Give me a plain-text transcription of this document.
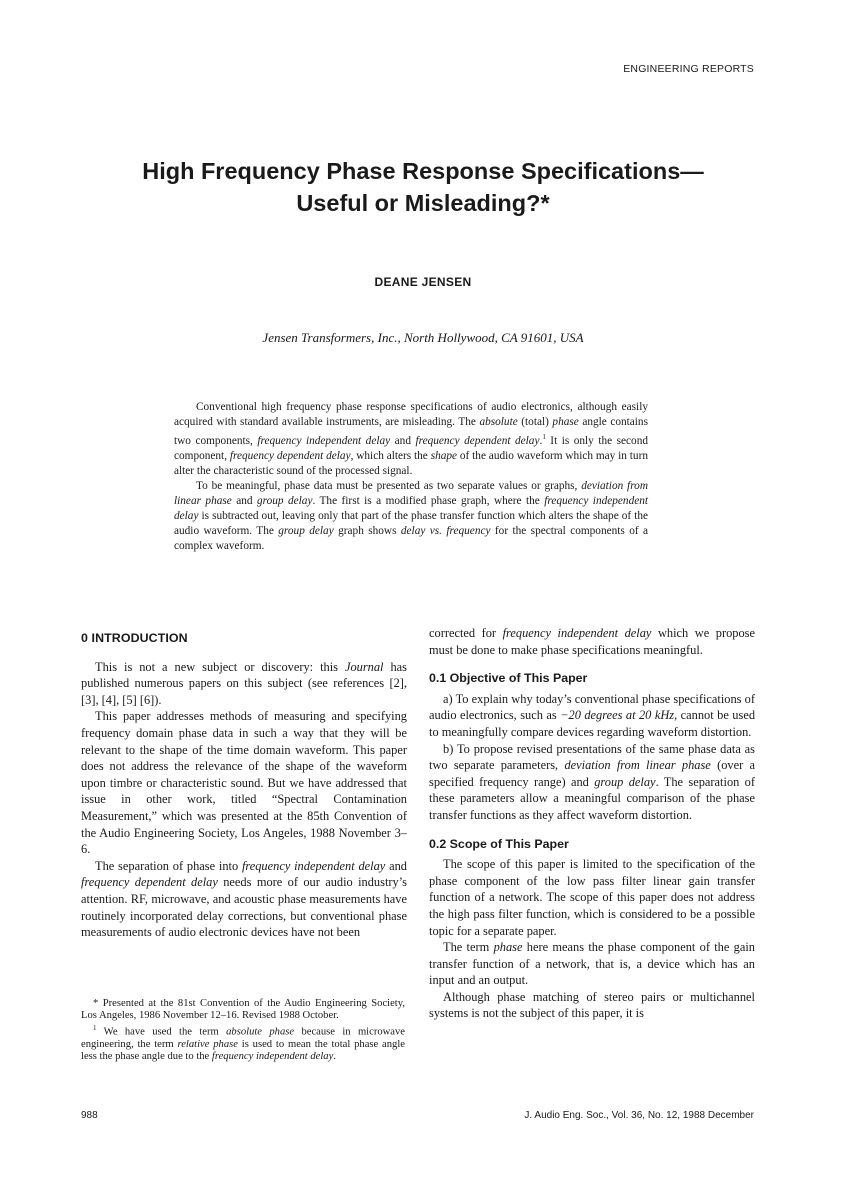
ENGINEERING REPORTS
High Frequency Phase Response Specifications—
Useful or Misleading?*
DEANE JENSEN
Jensen Transformers, Inc., North Hollywood, CA 91601, USA

Conventional high frequency phase response specifications of audio electronics, although easily acquired with standard available instruments, are misleading. The absolute (total) phase angle contains two components, frequency independent delay and frequency dependent delay.$^1$ It is only the second component, frequency dependent delay, which alters the shape of the audio waveform which may in turn alter the characteristic sound of the processed signal.

To be meaningful, phase data must be presented as two separate values or graphs, deviation from linear phase and group delay. The first is a modified phase graph, where the frequency independent delay is subtracted out, leaving only that part of the phase transfer function which alters the shape of the audio waveform. The group delay graph shows delay vs. frequency for the spectral components of a complex waveform.

0 INTRODUCTION

This is not a new subject or discovery: this Journal has published numerous papers on this subject (see references [2], [3], [4], [5] [6]).

This paper addresses methods of measuring and specifying frequency domain phase data in such a way that they will be relevant to the shape of the time domain waveform. This paper does not address the relevance of the shape of the waveform upon timbre or characteristic sound. But we have addressed that issue in other work, titled “Spectral Contamination Measurement,” which was presented at the 85th Convention of the Audio Engineering Society, Los Angeles, 1988 November 3–6.

The separation of phase into frequency independent delay and frequency dependent delay needs more of our audio industry’s attention. RF, microwave, and acoustic phase measurements have routinely incorporated delay corrections, but conventional phase measurements of audio electronic devices have not been

* Presented at the 81st Convention of the Audio Engineering Society, Los Angeles, 1986 November 12–16. Revised 1988 October.

$^1$ We have used the term absolute phase because in microwave engineering, the term relative phase is used to mean the total phase angle less the phase angle due to the frequency independent delay.

corrected for frequency independent delay which we propose must be done to make phase specifications meaningful.

0.1 Objective of This Paper

a) To explain why today’s conventional phase specifications of audio electronics, such as −20 degrees at 20 kHz, cannot be used to meaningfully compare devices regarding waveform distortion.

b) To propose revised presentations of the same phase data as two separate parameters, deviation from linear phase (over a specified frequency range) and group delay. The separation of these parameters allow a meaningful comparison of the phase transfer functions as they affect waveform distortion.

0.2 Scope of This Paper

The scope of this paper is limited to the specification of the phase component of the low pass filter linear gain transfer function of a network. The scope of this paper does not address the high pass filter function, which is considered to be a possible topic for a separate paper.

The term phase here means the phase component of the gain transfer function of a network, that is, a device which has an input and an output.

Although phase matching of stereo pairs or multichannel systems is not the subject of this paper, it is

988	J. Audio Eng. Soc., Vol. 36, No. 12, 1988 December
